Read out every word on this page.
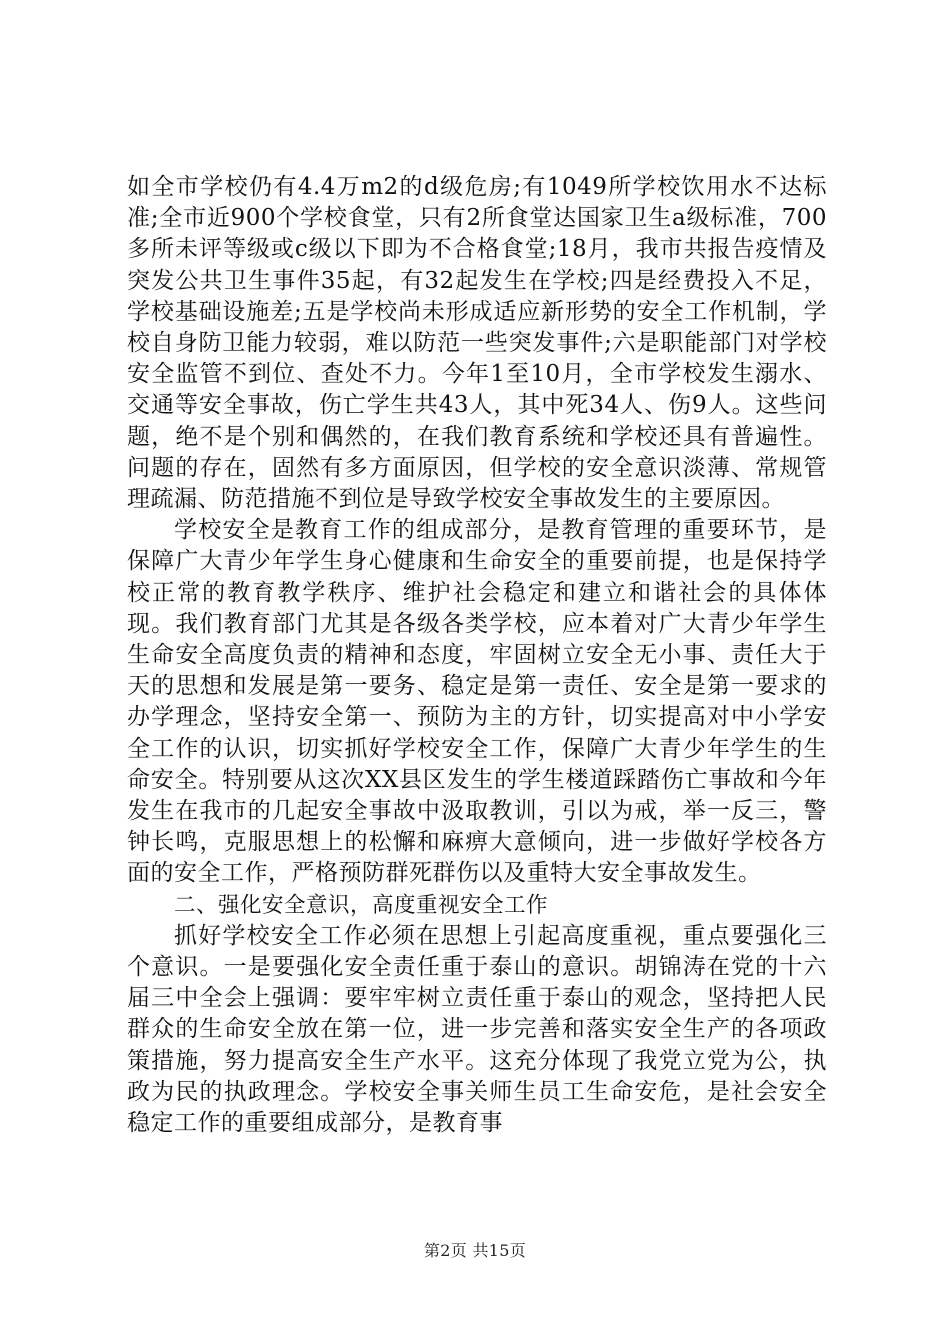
如全市学校仍有4.4万m2的d级危房;有1049所学校饮用水不达标准;全市近900个学校食堂，只有2所食堂达国家卫生a级标准，700多所未评等级或c级以下即为不合格食堂;18月，我市共报告疫情及突发公共卫生事件35起，有32起发生在学校;四是经费投入不足，学校基础设施差;五是学校尚未形成适应新形势的安全工作机制，学校自身防卫能力较弱，难以防范一些突发事件;六是职能部门对学校安全监管不到位、查处不力。今年1至10月，全市学校发生溺水、交通等安全事故，伤亡学生共43人，其中死34人、伤9人。这些问题，绝不是个别和偶然的，在我们教育系统和学校还具有普遍性。问题的存在，固然有多方面原因，但学校的安全意识淡薄、常规管理疏漏、防范措施不到位是导致学校安全事故发生的主要原因。

学校安全是教育工作的组成部分，是教育管理的重要环节，是保障广大青少年学生身心健康和生命安全的重要前提，也是保持学校正常的教育教学秩序、维护社会稳定和建立和谐社会的具体体现。我们教育部门尤其是各级各类学校，应本着对广大青少年学生生命安全高度负责的精神和态度，牢固树立安全无小事、责任大于天的思想和发展是第一要务、稳定是第一责任、安全是第一要求的办学理念，坚持安全第一、预防为主的方针，切实提高对中小学安全工作的认识，切实抓好学校安全工作，保障广大青少年学生的生命安全。特别要从这次XX县区发生的学生楼道踩踏伤亡事故和今年发生在我市的几起安全事故中汲取教训，引以为戒，举一反三，警钟长鸣，克服思想上的松懈和麻痹大意倾向，进一步做好学校各方面的安全工作，严格预防群死群伤以及重特大安全事故发生。

二、强化安全意识，高度重视安全工作

抓好学校安全工作必须在思想上引起高度重视，重点要强化三个意识。一是要强化安全责任重于泰山的意识。胡锦涛在党的十六届三中全会上强调：要牢牢树立责任重于泰山的观念，坚持把人民群众的生命安全放在第一位，进一步完善和落实安全生产的各项政策措施，努力提高安全生产水平。这充分体现了我党立党为公，执政为民的执政理念。学校安全事关师生员工生命安危，是社会安全稳定工作的重要组成部分，是教育事

第2页 共15页
